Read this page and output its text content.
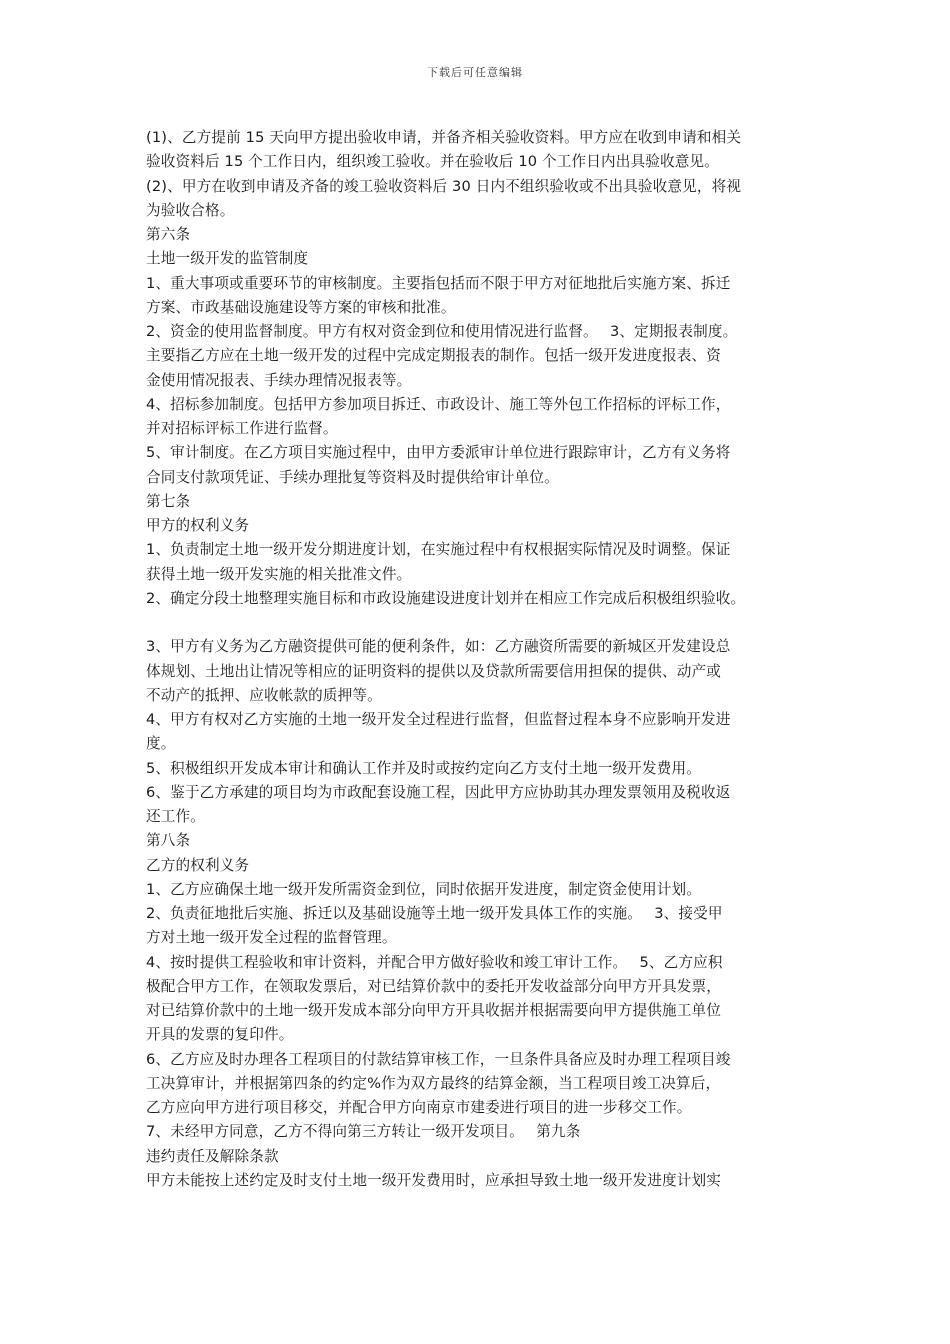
下载后可任意编辑
(1)、乙方提前 15 天向甲方提出验收申请，并备齐相关验收资料。甲方应在收到申请和相关
验收资料后 15 个工作日内，组织竣工验收。并在验收后 10 个工作日内出具验收意见。
(2)、甲方在收到申请及齐备的竣工验收资料后 30 日内不组织验收或不出具验收意见，将视
为验收合格。
第六条
土地一级开发的监管制度
1、重大事项或重要环节的审核制度。主要指包括而不限于甲方对征地批后实施方案、拆迁
方案、市政基础设施建设等方案的审核和批准。
2、资金的使用监督制度。甲方有权对资金到位和使用情况进行监督。　 3、定期报表制度。
主要指乙方应在土地一级开发的过程中完成定期报表的制作。包括一级开发进度报表、资
金使用情况报表、手续办理情况报表等。
4、招标参加制度。包括甲方参加项目拆迁、市政设计、施工等外包工作招标的评标工作，
并对招标评标工作进行监督。
5、审计制度。在乙方项目实施过程中，由甲方委派审计单位进行跟踪审计，乙方有义务将
合同支付款项凭证、手续办理批复等资料及时提供给审计单位。
第七条
甲方的权利义务
1、负责制定土地一级开发分期进度计划，在实施过程中有权根据实际情况及时调整。保证
获得土地一级开发实施的相关批准文件。
2、确定分段土地整理实施目标和市政设施建设进度计划并在相应工作完成后积极组织验收。
3、甲方有义务为乙方融资提供可能的便利条件，如：乙方融资所需要的新城区开发建设总
体规划、土地出让情况等相应的证明资料的提供以及贷款所需要信用担保的提供、动产或
不动产的抵押、应收帐款的质押等。
4、甲方有权对乙方实施的土地一级开发全过程进行监督，但监督过程本身不应影响开发进
度。
5、积极组织开发成本审计和确认工作并及时或按约定向乙方支付土地一级开发费用。
6、鉴于乙方承建的项目均为市政配套设施工程，因此甲方应协助其办理发票领用及税收返
还工作。
第八条
乙方的权利义务
1、乙方应确保土地一级开发所需资金到位，同时依据开发进度，制定资金使用计划。
2、负责征地批后实施、拆迁以及基础设施等土地一级开发具体工作的实施。　 3、接受甲
方对土地一级开发全过程的监督管理。
4、按时提供工程验收和审计资料，并配合甲方做好验收和竣工审计工作。　 5、乙方应积
极配合甲方工作，在领取发票后，对已结算价款中的委托开发收益部分向甲方开具发票，
对已结算价款中的土地一级开发成本部分向甲方开具收据并根据需要向甲方提供施工单位
开具的发票的复印件。
6、乙方应及时办理各工程项目的付款结算审核工作，一旦条件具备应及时办理工程项目竣
工决算审计，并根据第四条的约定%作为双方最终的结算金额，当工程项目竣工决算后，
乙方应向甲方进行项目移交，并配合甲方向南京市建委进行项目的进一步移交工作。
7、未经甲方同意，乙方不得向第三方转让一级开发项目。　 第九条
违约责任及解除条款
甲方未能按上述约定及时支付土地一级开发费用时，应承担导致土地一级开发进度计划实
